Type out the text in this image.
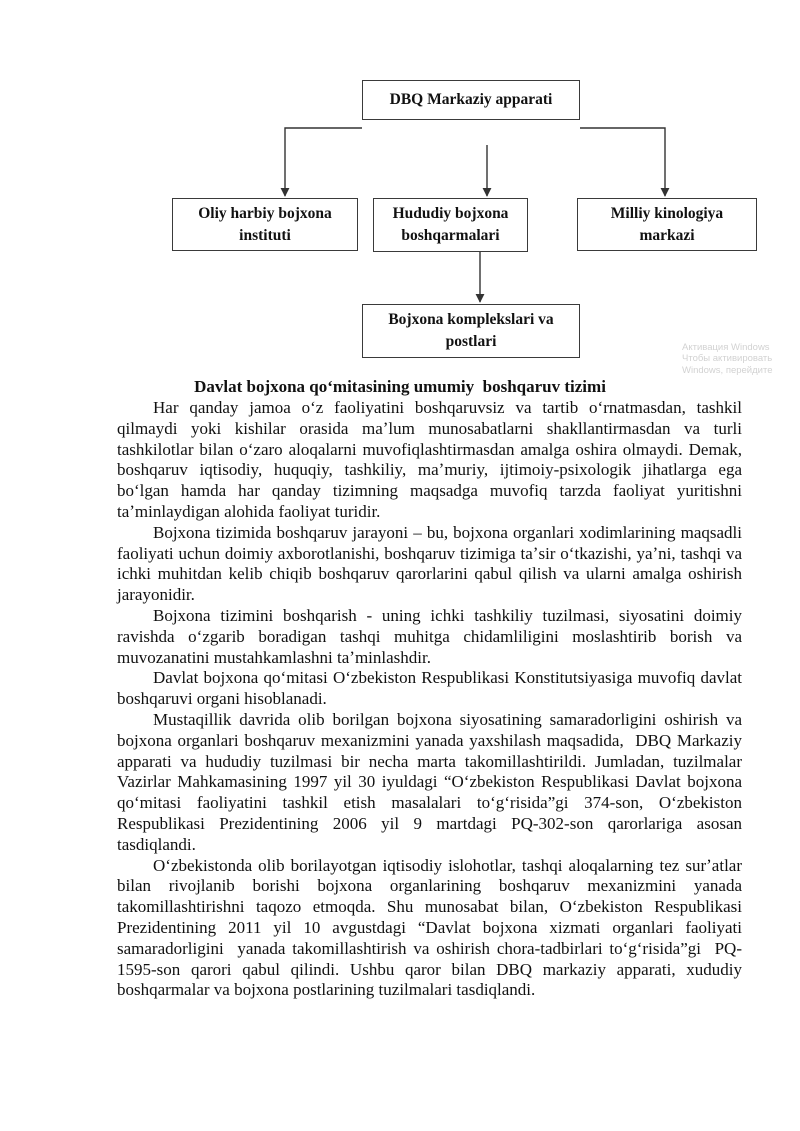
DBQ Markaziy apparati
Oliy harbiy bojxona
instituti
Hududiy bojxona
boshqarmalari
Milliy kinologiya
markazi
Bojxona komplekslari va
postlari	Активация Windows
Чтобы активировать
Windows, перейдите
Davlat bojxona qoʻmitasining umumiy  boshqaruv tizimi

Har qanday jamoa oʻz faoliyatini boshqaruvsiz va tartib oʻrnatmasdan, tashkil qilmaydi yoki kishilar orasida maʼlum munosabatlarni shakllantirmasdan va turli tashkilotlar bilan oʻzaro aloqalarni muvofiqlashtirmasdan amalga oshira olmaydi. Demak, boshqaruv iqtisodiy, huquqiy, tashkiliy, maʼmuriy, ijtimoiy-psixologik jihatlarga ega boʻlgan hamda har qanday tizimning maqsadga muvofiq tarzda faoliyat yuritishni  taʼminlaydigan alohida faoliyat turidir.

Bojxona tizimida boshqaruv jarayoni – bu, bojxona organlari xodimlarining maqsadli faoliyati uchun doimiy axborotlanishi, boshqaruv tizimiga taʼsir oʻtkazishi, yaʼni, tashqi va ichki muhitdan kelib chiqib boshqaruv qarorlarini qabul qilish va ularni amalga oshirish jarayonidir.

Bojxona tizimini boshqarish - uning ichki tashkiliy tuzilmasi, siyosatini doimiy ravishda oʻzgarib boradigan tashqi muhitga chidamliligini moslashtirib borish va muvozanatini mustahkamlashni taʼminlashdir.

Davlat bojxona qoʻmitasi Oʻzbekiston Respublikasi Konstitutsiyasiga muvofiq davlat boshqaruvi organi hisoblanadi.

Mustaqillik davrida olib borilgan bojxona siyosatining samaradorligini oshirish va bojxona organlari boshqaruv mexanizmini yanada yaxshilash maqsadida,  DBQ Markaziy apparati va hududiy tuzilmasi bir necha marta takomillashtirildi. Jumladan, tuzilmalar Vazirlar Mahkamasining 1997 yil 30 iyuldagi “Oʻzbekiston Respublikasi Davlat bojxona qoʻmitasi faoliyatini tashkil etish masalalari toʻgʻrisida”gi 374-son, Oʻzbekiston Respublikasi Prezidentining 2006 yil 9 martdagi PQ-302-son qarorlariga asosan tasdiqlandi.

Oʻzbekistonda olib borilayotgan iqtisodiy islohotlar, tashqi aloqalarning tez surʼatlar bilan rivojlanib borishi bojxona organlarining boshqaruv mexanizmini yanada takomillashtirishni taqozo etmoqda. Shu munosabat bilan, Oʻzbekiston Respublikasi Prezidentining 2011 yil 10 avgustdagi “Davlat bojxona xizmati organlari faoliyati samaradorligini  yanada takomillashtirish va oshirish chora-tadbirlari toʻgʻrisida”gi  PQ-1595-son qarori qabul qilindi. Ushbu qaror bilan DBQ markaziy apparati, xududiy boshqarmalar va bojxona postlarining tuzilmalari tasdiqlandi.
